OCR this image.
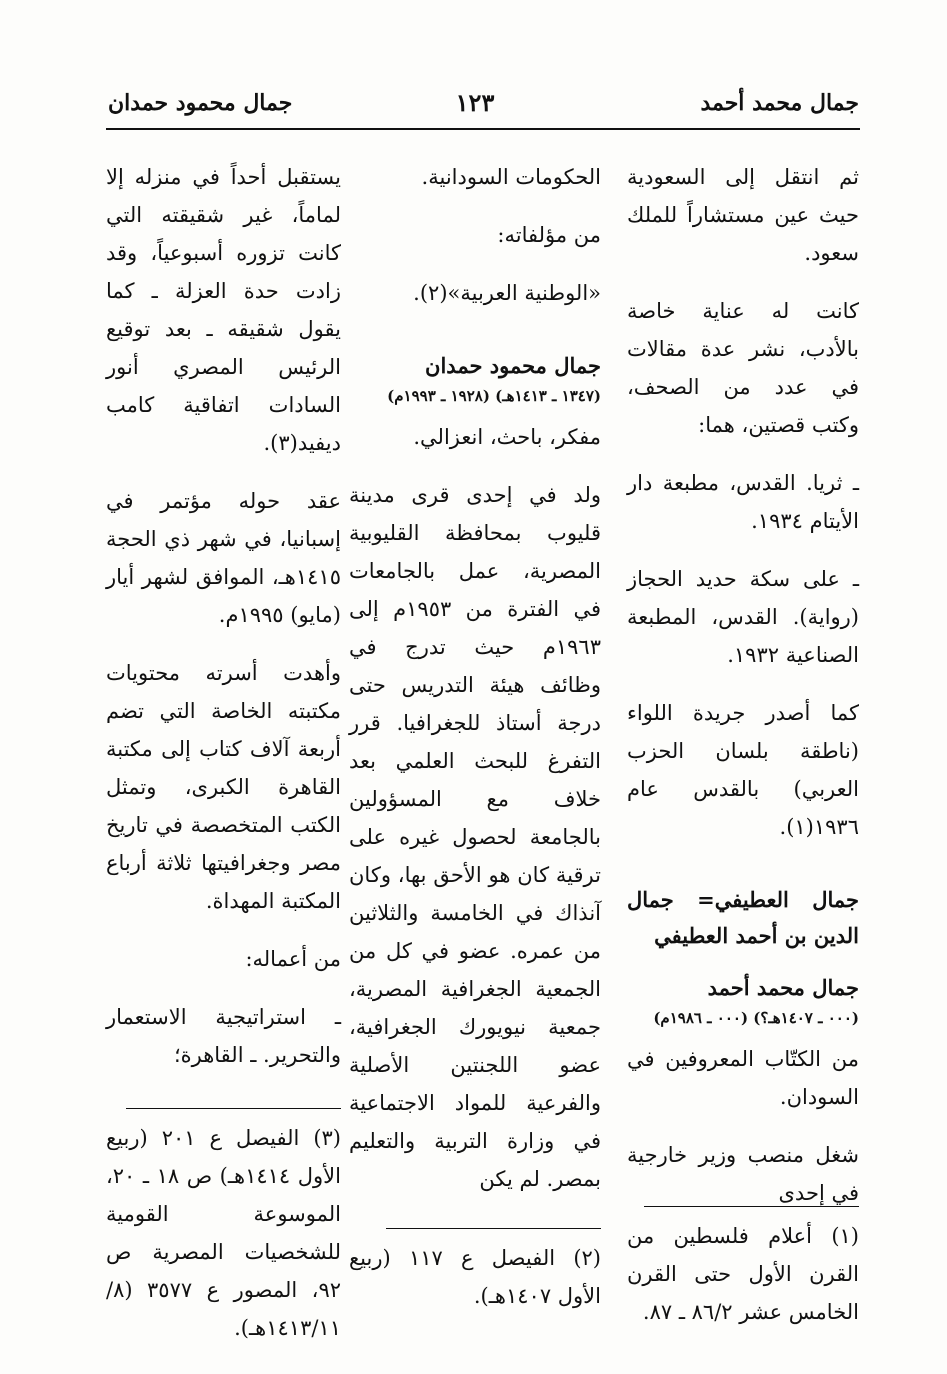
جمال محمد أحمد
١٢٣
جمال محمود حمدان

ثم انتقل إلى السعودية حيث عين مستشاراً للملك سعود.

كانت له عناية خاصة بالأدب، نشر عدة مقالات في عدد من الصحف، وكتب قصتين، هما:

ـ ثريا. القدس، مطبعة دار الأيتام ١٩٣٤.

ـ على سكة حديد الحجاز (رواية). القدس، المطبعة الصناعية ١٩٣٢.

كما أصدر جريدة اللواء (ناطقة بلسان الحزب العربي) بالقدس عام ١٩٣٦(١).

جمال العطيفي= جمال الدين بن أحمد العطيفي
جمال محمد أحمد
(٠٠٠ ـ ١٤٠٧هـ؟) (٠٠٠ ـ ١٩٨٦م)

من الكتّاب المعروفين في السودان.

شغل منصب وزير خارجية في إحدى

(١) أعلام فلسطين من القرن الأول حتى القرن الخامس عشر ٨٦/٢ ـ ٨٧.

الحكومات السودانية.

من مؤلفاته:

«الوطنية العربية»(٢).

جمال محمود حمدان
(١٣٤٧ ـ ١٤١٣هـ) (١٩٢٨ ـ ١٩٩٣م)

مفكر، باحث، انعزالي.

ولد في إحدى قرى مدينة قليوب بمحافظة القليوبية المصرية، عمل بالجامعات في الفترة من ١٩٥٣م إلى ١٩٦٣م حيث تدرج في وظائف هيئة التدريس حتى درجة أستاذ للجغرافيا. قرر التفرغ للبحث العلمي بعد خلاف مع المسؤولين بالجامعة لحصول غيره على ترقية كان هو الأحق بها، وكان آنذاك في الخامسة والثلاثين من عمره. عضو في كل من الجمعية الجغرافية المصرية، جمعية نيويورك الجغرافية، عضو اللجنتين الأصلية والفرعية للمواد الاجتماعية في وزارة التربية والتعليم بمصر. لم يكن

(٢) الفيصل ع ١١٧ (ربيع الأول ١٤٠٧هـ).

يستقبل أحداً في منزله إلا لماماً، غير شقيقته التي كانت تزوره أسبوعياً، وقد زادت حدة العزلة ـ كما يقول شقيقه ـ بعد توقيع الرئيس المصري أنور السادات اتفاقية كامب ديفيد(٣).

عقد حوله مؤتمر في إسبانيا، في شهر ذي الحجة ١٤١٥هـ، الموافق لشهر أيار (مايو) ١٩٩٥م.

وأهدت أسرته محتويات مكتبته الخاصة التي تضم أربعة آلاف كتاب إلى مكتبة القاهرة الكبرى، وتمثل الكتب المتخصصة في تاريخ مصر وجغرافيتها ثلاثة أرباع المكتبة المهداة.

من أعماله:

ـ استراتيجية الاستعمار والتحرير. ـ القاهرة؛

(٣) الفيصل ع ٢٠١ (ربيع الأول ١٤١٤هـ) ص ١٨ ـ ٢٠، الموسوعة القومية للشخصيات المصرية ص ٩٢، المصور ع ٣٥٧٧ (٨/ ١٤١٣/١١هـ).
